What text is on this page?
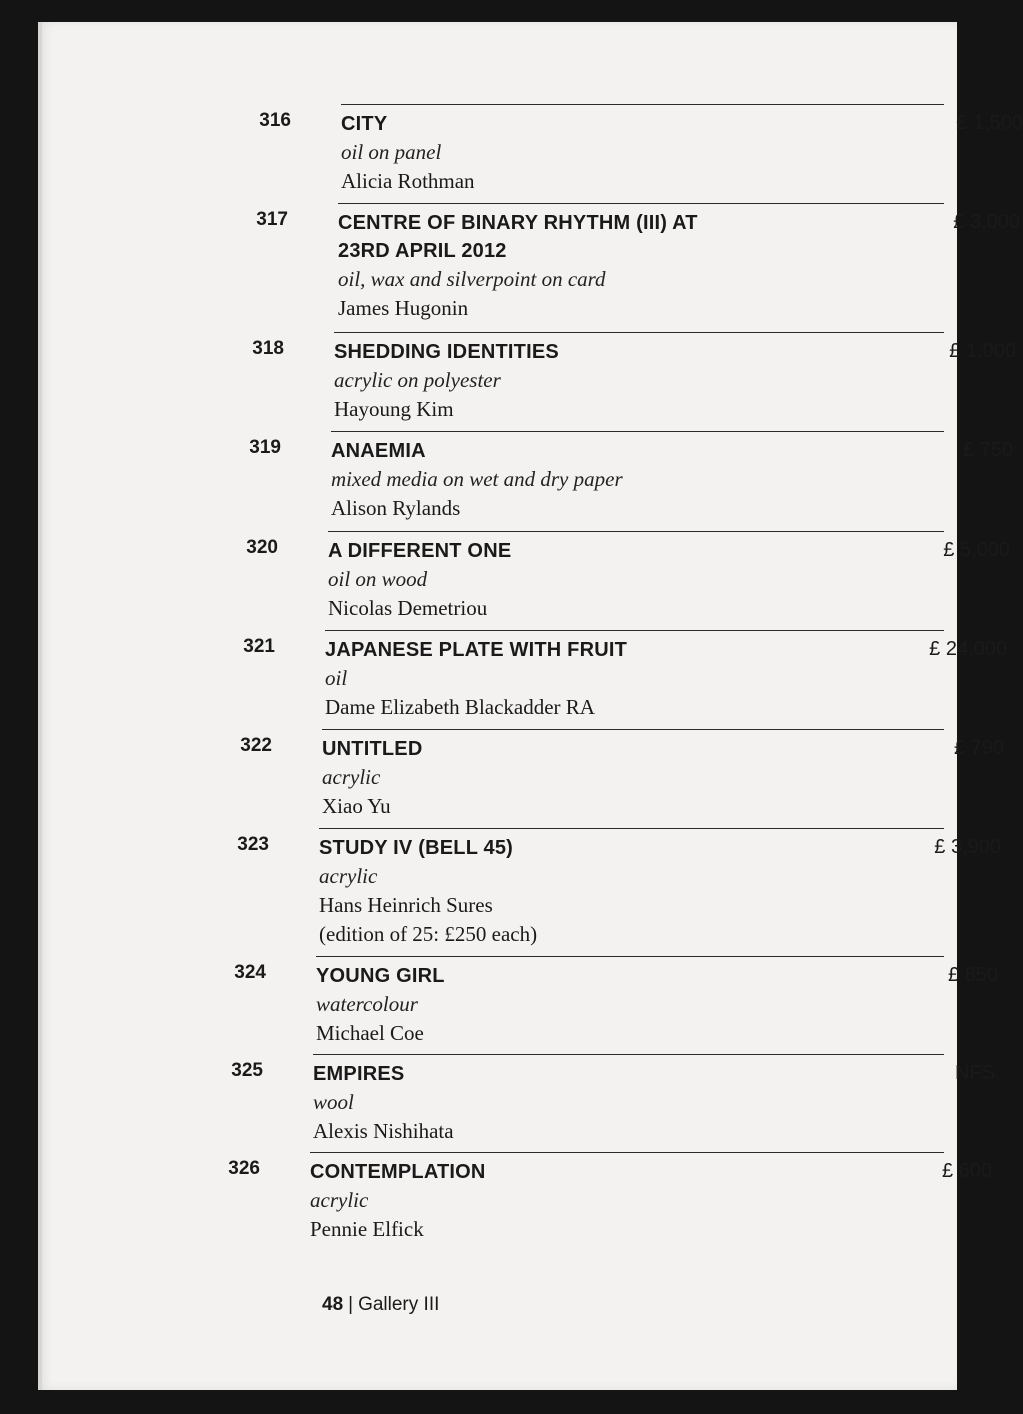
316	CITY
oil on panel
Alicia Rothman
£ 1,500
317	CENTRE OF BINARY RHYTHM (III) AT
23RD APRIL 2012
oil, wax and silverpoint on card
James Hugonin
£ 3,000
318	SHEDDING IDENTITIES
acrylic on polyester
Hayoung Kim
£ 1,000
319	ANAEMIA
mixed media on wet and dry paper
Alison Rylands
£ 750
320	A DIFFERENT ONE
oil on wood
Nicolas Demetriou
£ 5,000
321	JAPANESE PLATE WITH FRUIT
oil
Dame Elizabeth Blackadder RA
£ 24,000
322	UNTITLED
acrylic
Xiao Yu
£ 790
323	STUDY IV (BELL 45)
acrylic
Hans Heinrich Sures
(edition of 25: £250 each)
£ 3,900
324	YOUNG GIRL
watercolour
Michael Coe
£ 850
325	EMPIRES
wool
Alexis Nishihata
NFS
326	CONTEMPLATION
acrylic
Pennie Elfick
£ 600
48 | Gallery III
